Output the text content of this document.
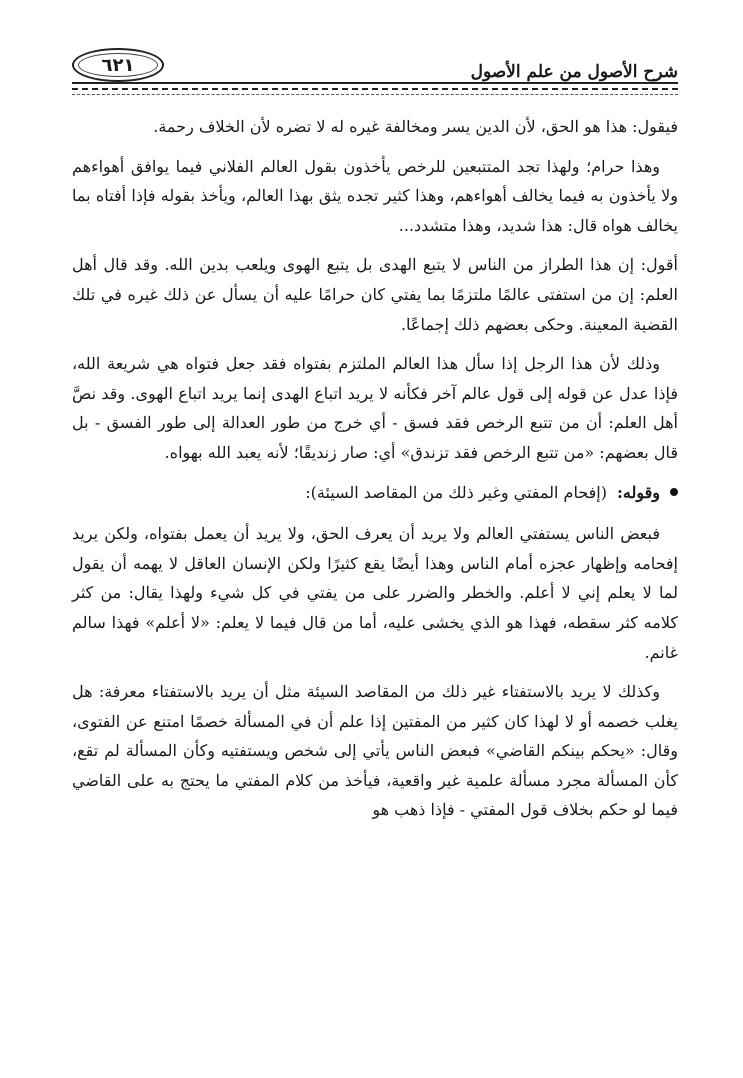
٦٢١	شرح الأصول من علم الأصول

فيقول: هذا هو الحق، لأن الدين يسر ومخالفة غيره له لا تضره لأن الخلاف رحمة.

وهذا حرام؛ ولهذا تجد المتتبعين للرخص يأخذون بقول العالم الفلاني فيما يوافق أهواءهم ولا يأخذون به فيما يخالف أهواءهم، وهذا كثير تجده يثق بهذا العالم، ويأخذ بقوله فإذا أفتاه بما يخالف هواه قال: هذا شديد، وهذا متشدد...

أقول: إن هذا الطراز من الناس لا يتبع الهدى بل يتبع الهوى ويلعب بدين الله. وقد قال أهل العلم: إن من استفتى عالمًا ملتزمًا بما يفتي كان حرامًا عليه أن يسأل عن ذلك غيره في تلك القضية المعينة. وحكى بعضهم ذلك إجماعًا.

وذلك لأن هذا الرجل إذا سأل هذا العالم الملتزم بفتواه فقد جعل فتواه هي شريعة الله، فإذا عدل عن قوله إلى قول عالم آخر فكأنه لا يريد اتباع الهدى إنما يريد اتباع الهوى. وقد نصَّ أهل العلم: أن من تتبع الرخص فقد فسق - أي خرج من طور العدالة إلى طور الفسق - بل قال بعضهم: «من تتبع الرخص فقد تزندق» أي: صار زنديقًا؛ لأنه يعبد الله بهواه.

وقوله:
(إفحام المفتي وغير ذلك من المقاصد السيئة):

فبعض الناس يستفتي العالم ولا يريد أن يعرف الحق، ولا يريد أن يعمل بفتواه، ولكن يريد إفحامه وإظهار عجزه أمام الناس وهذا أيضًا يقع كثيرًا ولكن الإنسان العاقل لا يهمه أن يقول لما لا يعلم إني لا أعلم. والخطر والضرر على من يفتي في كل شيء ولهذا يقال: من كثر كلامه كثر سقطه، فهذا هو الذي يخشى عليه، أما من قال فيما لا يعلم: «لا أعلم» فهذا سالم غانم.

وكذلك لا يريد بالاستفتاء غير ذلك من المقاصد السيئة مثل أن يريد بالاستفتاء معرفة: هل يغلب خصمه أو لا لهذا كان كثير من المفتين إذا علم أن في المسألة خصمًا امتنع عن الفتوى، وقال: «يحكم بينكم القاضي» فبعض الناس يأتي إلى شخص ويستفتيه وكأن المسألة لم تقع، كأن المسألة مجرد مسألة علمية غير واقعية، فيأخذ من كلام المفتي ما يحتج به على القاضي فيما لو حكم بخلاف قول المفتي - فإذا ذهب هو
